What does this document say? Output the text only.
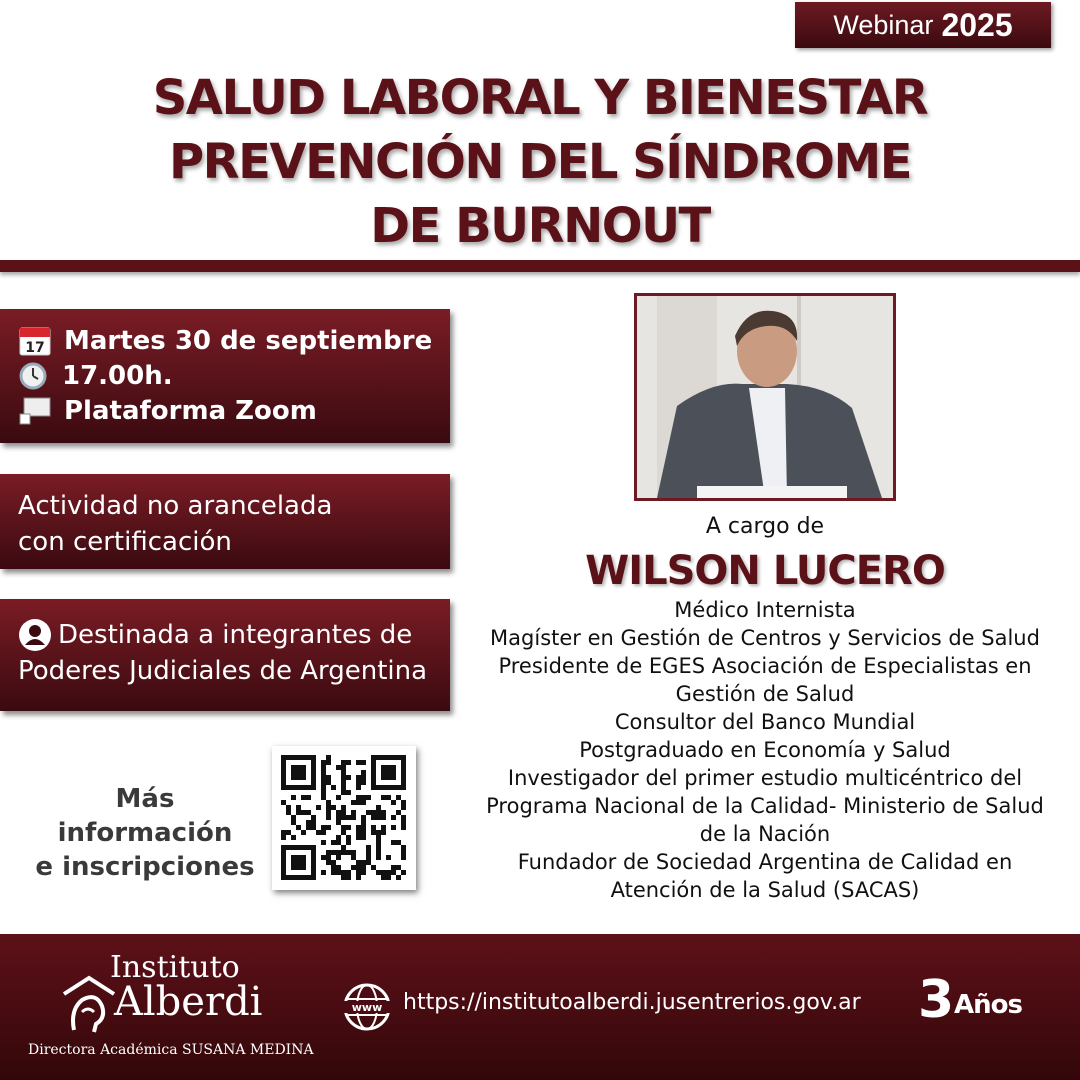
Webinar 2025
SALUD LABORAL Y BIENESTAR
PREVENCIÓN DEL SÍNDROME
DE BURNOUT
17 Martes 30 de septiembre
17.00h.
Plataforma Zoom
Actividad no arancelada
con certificación
Destinada a integrantes de
Poderes Judiciales de Argentina
Más información
e inscripciones
A cargo de
WILSON LUCERO
Médico Internista
Magíster en Gestión de Centros y Servicios de Salud
Presidente de EGES Asociación de Especialistas en
Gestión de Salud
Consultor del Banco Mundial
Postgraduado en Economía y Salud
Investigador del primer estudio multicéntrico del
Programa Nacional de la Calidad- Ministerio de Salud
de la Nación
Fundador de Sociedad Argentina de Calidad en
Atención de la Salud (SACAS)
Instituto
Alberdi
Directora Académica SUSANA MEDINA
www https://institutoalberdi.jusentrerios.gov.ar 3 Años
